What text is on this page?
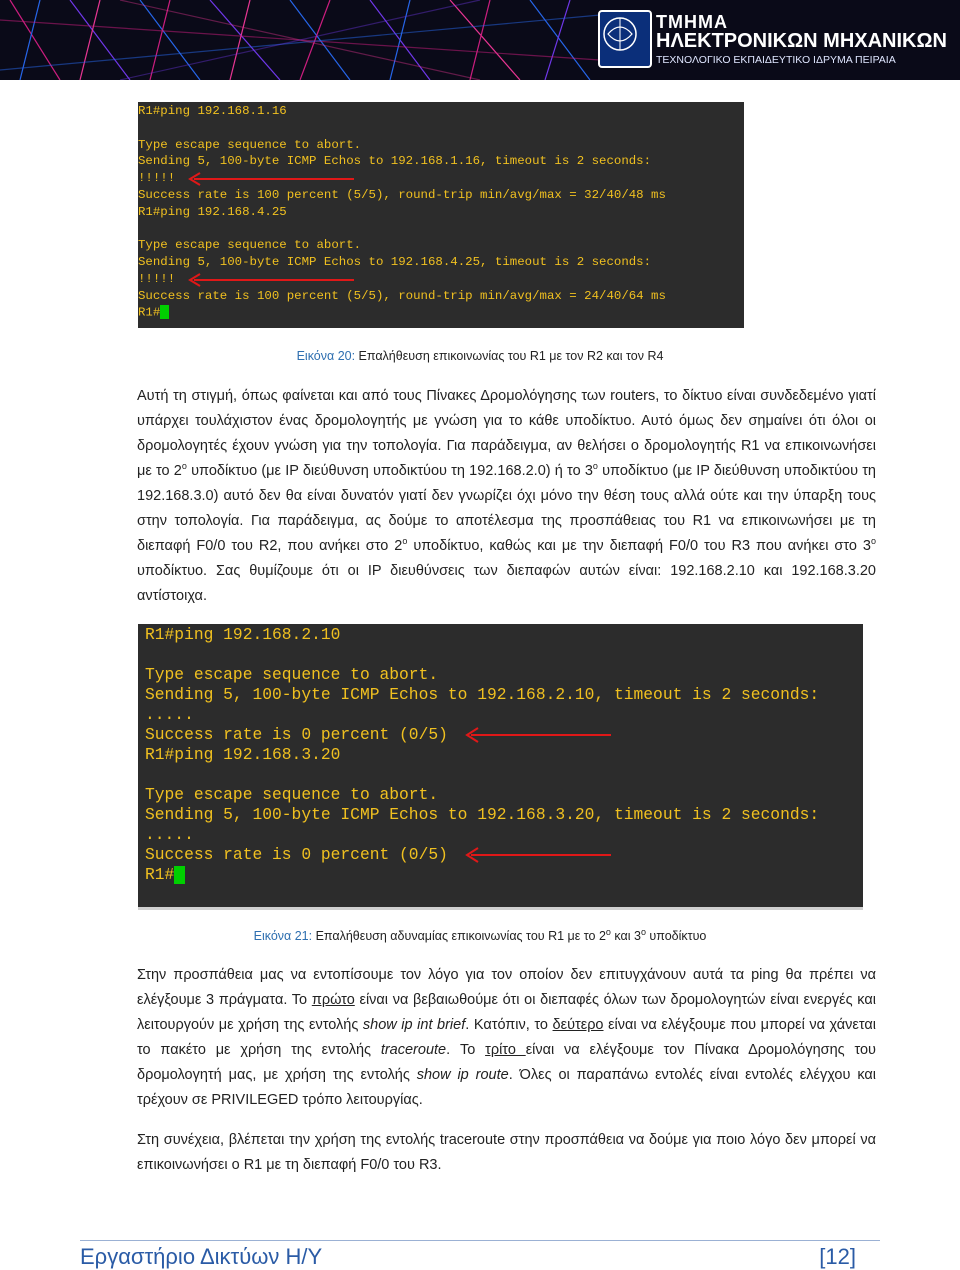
ΤΜΗΜΑ
ΗΛΕΚΤΡΟΝΙΚΩΝ ΜΗΧΑΝΙΚΩΝ
ΤΕΧΝΟΛΟΓΙΚΟ ΕΚΠΑΙΔΕΥΤΙΚΟ ΙΔΡΥΜΑ ΠΕΙΡΑΙΑ

R1#ping 192.168.1.16

Type escape sequence to abort.

Sending 5, 100-byte ICMP Echos to 192.168.1.16, timeout is 2 seconds:

!!!!!

Success rate is 100 percent (5/5), round-trip min/avg/max = 32/40/48 ms

R1#ping 192.168.4.25

Type escape sequence to abort.

Sending 5, 100-byte ICMP Echos to 192.168.4.25, timeout is 2 seconds:

!!!!!

Success rate is 100 percent (5/5), round-trip min/avg/max = 24/40/64 ms

R1#

Εικόνα 20: Επαλήθευση επικοινωνίας του R1 με τον R2 και τον R4

Αυτή τη στιγμή, όπως φαίνεται και από τους Πίνακες Δρομολόγησης των routers, το δίκτυο είναι συνδεδεμένο γιατί υπάρχει τουλάχιστον ένας δρομολογητής με γνώση για το κάθε υποδίκτυο. Αυτό όμως δεν σημαίνει ότι όλοι οι δρομολογητές έχουν γνώση για την τοπολογία. Για παράδειγμα, αν θελήσει ο δρομολογητής R1 να επικοινωνήσει με το $2^o$ υποδίκτυο (με IP διεύθυνση υποδικτύου τη 192.168.2.0) ή το $3^o$ υποδίκτυο (με IP διεύθυνση υποδικτύου τη 192.168.3.0) αυτό δεν θα είναι δυνατόν γιατί δεν γνωρίζει όχι μόνο την θέση τους αλλά ούτε και την ύπαρξη τους στην τοπολογία. Για παράδειγμα, ας δούμε το αποτέλεσμα της προσπάθειας του R1 να επικοινωνήσει με τη διεπαφή F0/0 του R2, που ανήκει στο $2^o$ υποδίκτυο, καθώς και με την διεπαφή F0/0 του R3 που ανήκει στο $3^o$ υποδίκτυο. Σας θυμίζουμε ότι οι IP διευθύνσεις των διεπαφών αυτών είναι: 192.168.2.10 και 192.168.3.20 αντίστοιχα.

R1#ping 192.168.2.10

Type escape sequence to abort.

Sending 5, 100-byte ICMP Echos to 192.168.2.10, timeout is 2 seconds:

.....

Success rate is 0 percent (0/5)

R1#ping 192.168.3.20

Type escape sequence to abort.

Sending 5, 100-byte ICMP Echos to 192.168.3.20, timeout is 2 seconds:

.....

Success rate is 0 percent (0/5)

R1#

Εικόνα 21: Επαλήθευση αδυναμίας επικοινωνίας του R1 με το $2^o$ και $3^o$ υποδίκτυο

Στην προσπάθεια μας να εντοπίσουμε τον λόγο για τον οποίον δεν επιτυγχάνουν αυτά τα ping θα πρέπει να ελέγξουμε 3 πράγματα. Το πρώτο είναι να βεβαιωθούμε ότι οι διεπαφές όλων των δρομολογητών είναι ενεργές και λειτουργούν με χρήση της εντολής show ip int brief. Κατόπιν, το δεύτερο είναι να ελέγξουμε που μπορεί να χάνεται το πακέτο με χρήση της εντολής traceroute. Το τρίτο είναι να ελέγξουμε τον Πίνακα Δρομολόγησης του δρομολογητή μας, με χρήση της εντολής show ip route. Όλες οι παραπάνω εντολές είναι εντολές ελέγχου και τρέχουν σε PRIVILEGED τρόπο λειτουργίας.

Στη συνέχεια, βλέπεται την χρήση της εντολής traceroute στην προσπάθεια να δούμε για ποιο λόγο δεν μπορεί να επικοινωνήσει ο R1 με τη διεπαφή F0/0 του R3.

Εργαστήριο Δικτύων Η/Υ	[12]
